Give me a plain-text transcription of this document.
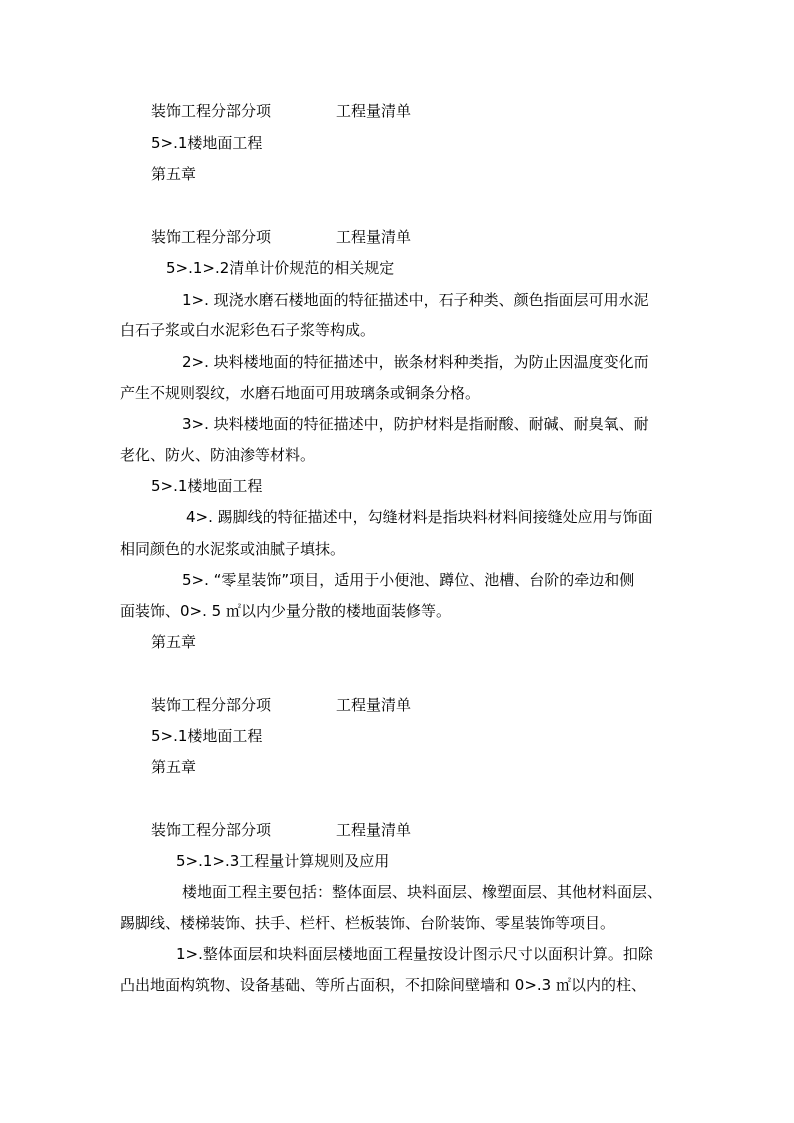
装饰工程分部分项	工程量清单
5>.1楼地面工程
第五章
装饰工程分部分项	工程量清单
5>.1>.2清单计价规范的相关规定
1>. 现浇水磨石楼地面的特征描述中，石子种类、颜色指面层可用水泥
白石子浆或白水泥彩色石子浆等构成。
2>. 块料楼地面的特征描述中，嵌条材料种类指，为防止因温度变化而
产生不规则裂纹，水磨石地面可用玻璃条或铜条分格。
3>. 块料楼地面的特征描述中，防护材料是指耐酸、耐碱、耐臭氧、耐
老化、防火、防油渗等材料。
5>.1楼地面工程
4>. 踢脚线的特征描述中，勾缝材料是指块料材料间接缝处应用与饰面
相同颜色的水泥浆或油腻子填抹。
5>. “零星装饰”项目，适用于小便池、蹲位、池槽、台阶的牵边和侧
面装饰、0>. 5 ㎡以内少量分散的楼地面装修等。
第五章
装饰工程分部分项	工程量清单
5>.1楼地面工程
第五章
装饰工程分部分项	工程量清单
5>.1>.3工程量计算规则及应用
楼地面工程主要包括：整体面层、块料面层、橡塑面层、其他材料面层、
踢脚线、楼梯装饰、扶手、栏杆、栏板装饰、台阶装饰、零星装饰等项目。
1>.整体面层和块料面层楼地面工程量按设计图示尺寸以面积计算。扣除
凸出地面构筑物、设备基础、等所占面积，不扣除间壁墙和 0>.3 ㎡以内的柱、
